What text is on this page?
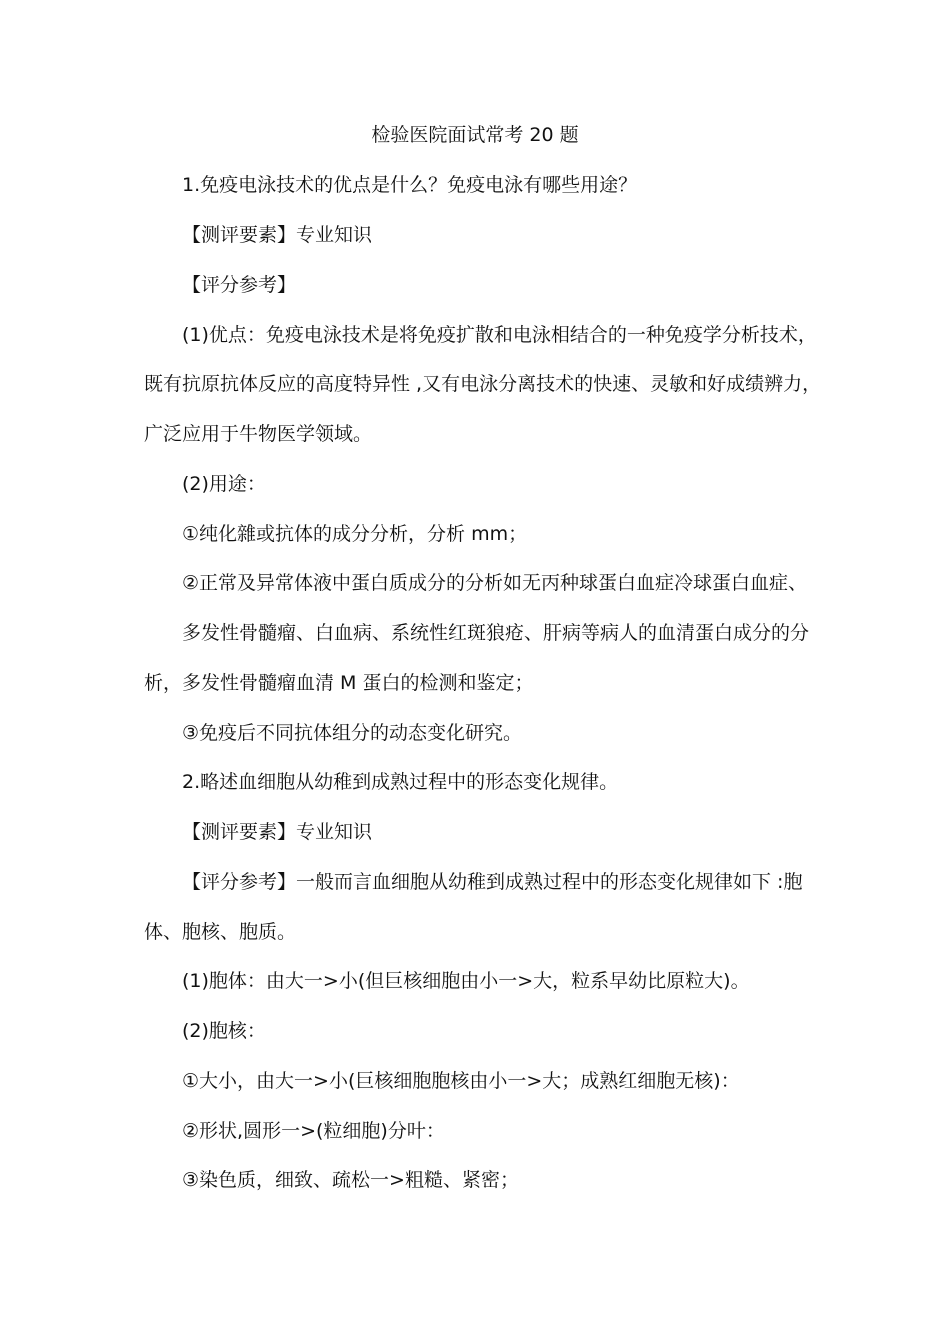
检验医院面试常考 20 题
1.免疫电泳技术的优点是什么？免疫电泳有哪些用途？
【测评要素】专业知识
【评分参考】
(1)优点：免疫电泳技术是将免疫扩散和电泳相结合的一种免疫学分析技术，
既有抗原抗体反应的高度特异性 ,又有电泳分离技术的快速、灵敏和好成绩辨力，
广泛应用于牛物医学领域。
(2)用途：
①纯化雜或抗体的成分分析，分析 mm；
②正常及异常体液中蛋白质成分的分析如无丙种球蛋白血症冷球蛋白血症、
多发性骨髓瘤、白血病、系统性红斑狼疮、肝病等病人的血清蛋白成分的分
析，多发性骨髓瘤血清 M 蛋白的检测和鉴定；
③免疫后不同抗体组分的动态变化研究。
2.略述血细胞从幼稚到成熟过程中的形态变化规律。
【测评要素】专业知识
【评分参考】一般而言血细胞从幼稚到成熟过程中的形态变化规律如下 :胞
体、胞核、胞质。
(1)胞体：由大一>小(但巨核细胞由小一>大，粒系早幼比原粒大)。
(2)胞核：
①大小，由大一>小(巨核细胞胞核由小一>大；成熟红细胞无核)：
②形状,圆形一>(粒细胞)分叶：
③染色质，细致、疏松一>粗糙、紧密；
